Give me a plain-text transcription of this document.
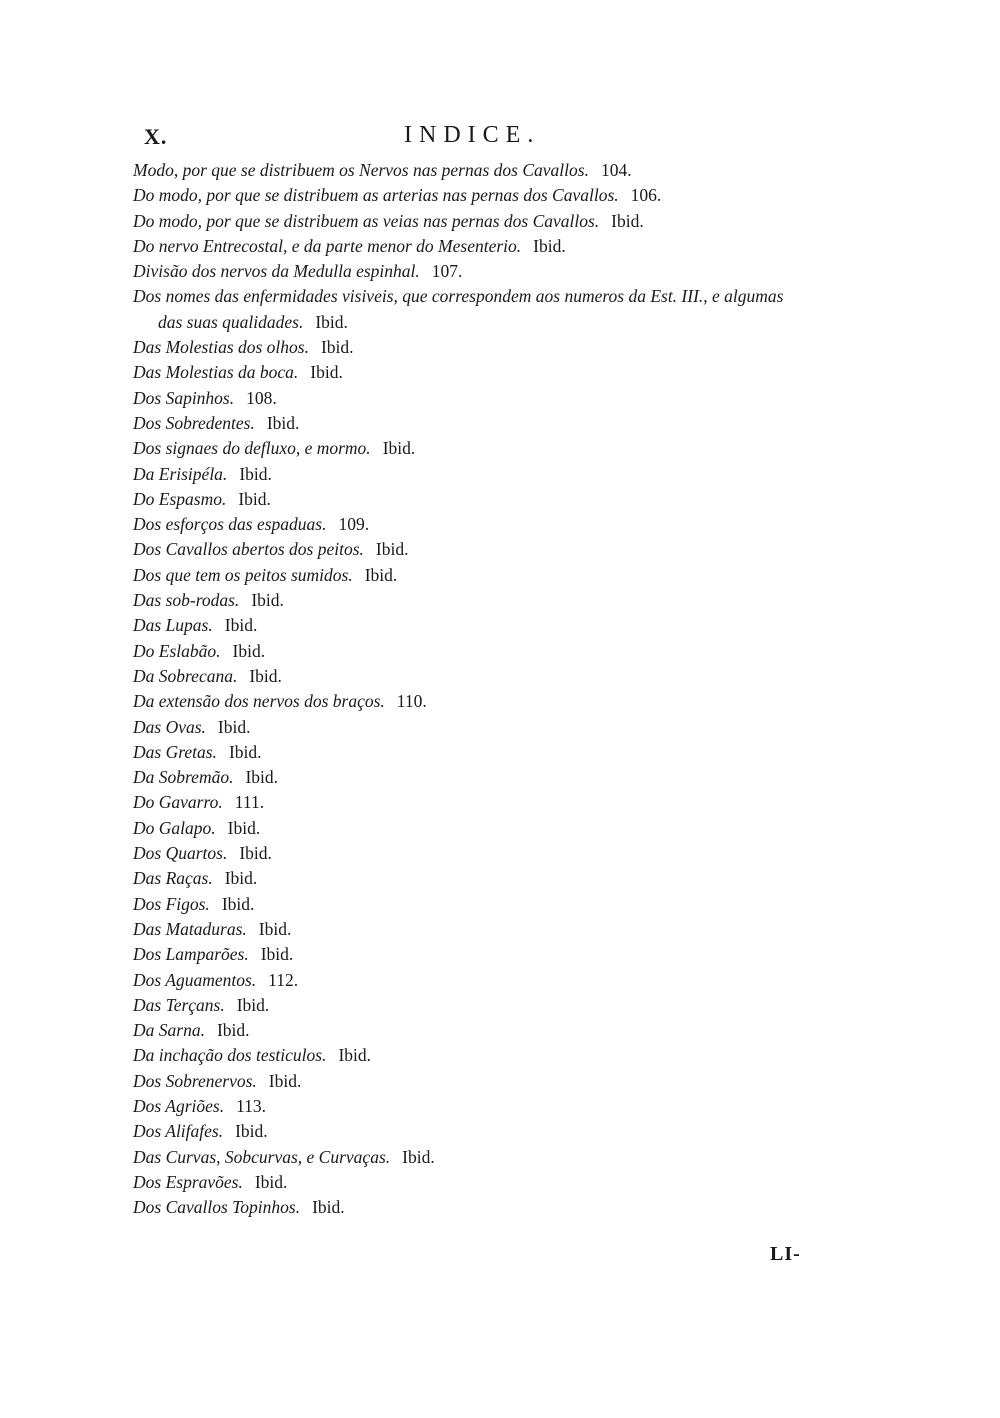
X.	INDICE.
Modo, por que se distribuem os Nervos nas pernas dos Cavallos. 104.
Do modo, por que se distribuem as arterias nas pernas dos Cavallos. 106.
Do modo, por que se distribuem as veias nas pernas dos Cavallos. Ibid.
Do nervo Entrecostal, e da parte menor do Mesenterio. Ibid.
Divisão dos nervos da Medulla espinhal. 107.
Dos nomes das enfermidades visiveis, que correspondem aos numeros da Est. III., e algumas
das suas qualidades. Ibid.
Das Molestias dos olhos. Ibid.
Das Molestias da boca. Ibid.
Dos Sapinhos. 108.
Dos Sobredentes. Ibid.
Dos signaes do defluxo, e mormo. Ibid.
Da Erisipéla. Ibid.
Do Espasmo. Ibid.
Dos esforços das espaduas. 109.
Dos Cavallos abertos dos peitos. Ibid.
Dos que tem os peitos sumidos. Ibid.
Das sob-rodas. Ibid.
Das Lupas. Ibid.
Do Eslabão. Ibid.
Da Sobrecana. Ibid.
Da extensão dos nervos dos braços. 110.
Das Ovas. Ibid.
Das Gretas. Ibid.
Da Sobremão. Ibid.
Do Gavarro. 111.
Do Galapo. Ibid.
Dos Quartos. Ibid.
Das Raças. Ibid.
Dos Figos. Ibid.
Das Mataduras. Ibid.
Dos Lamparões. Ibid.
Dos Aguamentos. 112.
Das Terçans. Ibid.
Da Sarna. Ibid.
Da inchação dos testiculos. Ibid.
Dos Sobrenervos. Ibid.
Dos Agriões. 113.
Dos Alifafes. Ibid.
Das Curvas, Sobcurvas, e Curvaças. Ibid.
Dos Espravões. Ibid.
Dos Cavallos Topinhos. Ibid.
LI-
